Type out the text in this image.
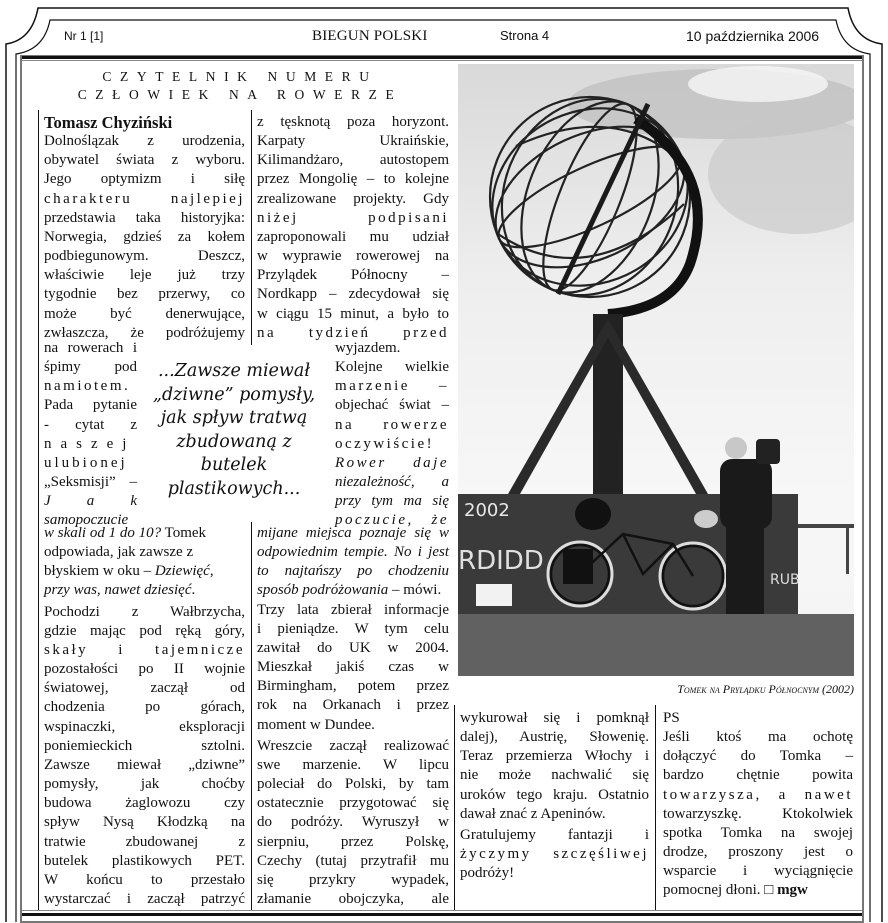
Nr 1 [1]	BIEGUN POLSKI	Strona 4	10 października 2006
CZYTELNIK NUMERU
CZŁOWIEK NA ROWERZE
Tomasz Chyziński
Dolnoślązak z urodzenia,
obywatel świata z wyboru.
Jego optymizm i siłę
charakteru najlepiej
przedstawia taka historyjka:
Norwegia, gdzieś za kołem
podbiegunowym. Deszcz,
właściwie leje już trzy
tygodnie bez przerwy, co
może być denerwujące,
zwłaszcza, że podróżujemy
na rowerach i
śpimy pod
namiotem.
Pada pytanie
- cytat z
naszej
ulubionej
„Seksmisji” –
J a k
samopoczucie
w skali od 1 do 10? Tomek
odpowiada, jak zawsze z
błyskiem w oku – Dziewięć,
przy was, nawet dziesięć.
Pochodzi z Wałbrzycha,
gdzie mając pod ręką góry,
skały i tajemnicze
pozostałości po II wojnie
światowej, zaczął od
chodzenia po górach,
wspinaczki, eksploracji
poniemieckich sztolni.
Zawsze miewał „dziwne”
pomysły, jak choćby
budowa żaglowozu czy
spływ Nysą Kłodzką na
tratwie zbudowanej z
butelek plastikowych PET.
W końcu to przestało
wystarczać i zaczął patrzyć
...Zawsze miewał „dziwne” pomysły, jak spływ tratwą zbudowaną z butelek plastikowych...
z tęsknotą poza horyzont.
Karpaty Ukraińskie,
Kilimandżaro, autostopem
przez Mongolię – to kolejne
zrealizowane projekty. Gdy
niżej podpisani
zaproponowali mu udział
w wyprawie rowerowej na
Przylądek Północny –
Nordkapp – zdecydował się
w ciągu 15 minut, a było to
na tydzień przed
wyjazdem.
Kolejne wielkie
marzenie –
objechać świat –
na rowerze
oczywiście!
Rower daje
niezależność, a
przy tym ma się
poczucie, że
mijane miejsca poznaje się w
odpowiednim tempie. No i jest
to najtańszy po chodzeniu
sposób podróżowania – mówi.
Trzy lata zbierał informacje
i pieniądze. W tym celu
zawitał do UK w 2004.
Mieszkał jakiś czas w
Birmingham, potem przez
rok na Orkanach i przez
moment w Dundee.
Wreszcie zaczął realizować
swe marzenie. W lipcu
poleciał do Polski, by tam
ostatecznie przygotować się
do podróży. Wyruszył w
sierpniu, przez Polskę,
Czechy (tutaj przytrafił mu
się przykry wypadek,
złamanie obojczyka, ale
2002
RDIDD
RUB
Tomek na Prylądku Północnym (2002)
wykurował się i pomknął
dalej), Austrię, Słowenię.
Teraz przemierza Włochy i
nie może nachwalić się
uroków tego kraju. Ostatnio
dawał znać z Apeninów.
Gratulujemy fantazji i
życzymy szczęśliwej
podróży!
PS
Jeśli ktoś ma ochotę
dołączyć do Tomka –
bardzo chętnie powita
towarzysza, a nawet
towarzyszkę. Ktokolwiek
spotka Tomka na swojej
drodze, proszony jest o
wsparcie i wyciągnięcie
pomocnej dłoni. □ mgw
